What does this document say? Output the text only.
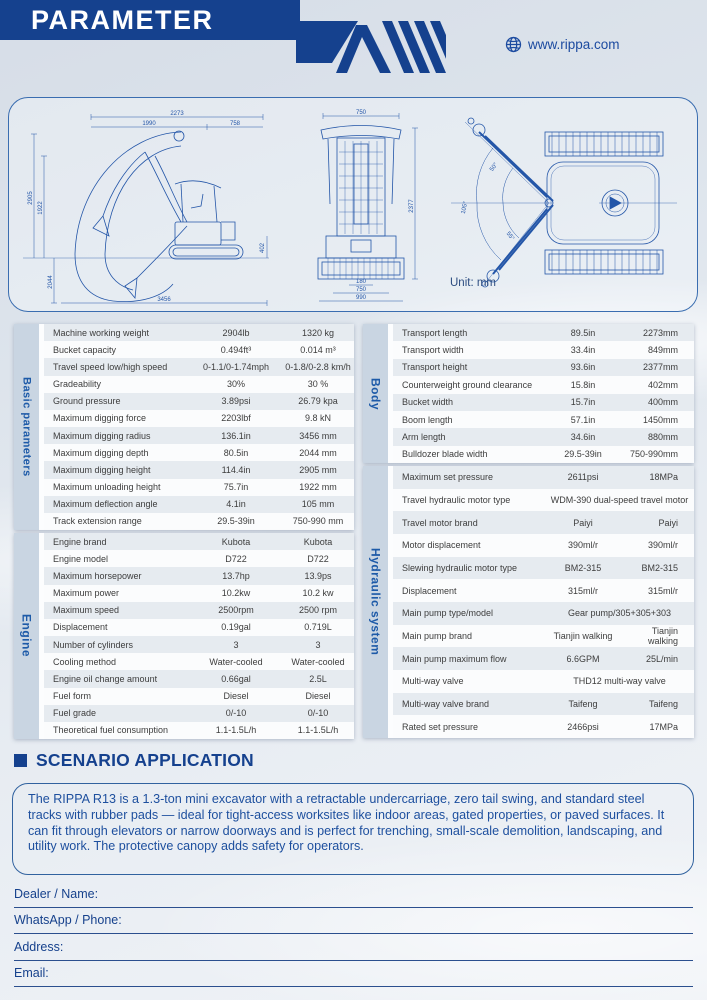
PARAMETER
www.rippa.com
2273
1990	758
2905
1922
2044
3456
402
750
2377
180
750
990
50°
105°
55°
Unit: mm
Basic parameters
Machine working weight	2904lb	1320 kg
Bucket capacity	0.494ft³	0.014 m³
Travel speed low/high speed	0-1.1/0-1.74mph	0-1.8/0-2.8 km/h
Gradeability	30%	30 %
Ground pressure	3.89psi	26.79 kpa
Maximum digging force	2203lbf	9.8 kN
Maximum digging radius	136.1in	3456 mm
Maximum digging depth	80.5in	2044 mm
Maximum digging height	114.4in	2905 mm
Maximum unloading height	75.7in	1922 mm
Maximum deflection angle	4.1in	105 mm
Track extension range	29.5-39in	750-990 mm
Engine
Engine brand	Kubota	Kubota
Engine model	D722	D722
Maximum horsepower	13.7hp	13.9ps
Maximum power	10.2kw	10.2 kw
Maximum speed	2500rpm	2500 rpm
Displacement	0.19gal	0.719L
Number of cylinders	3	3
Cooling method	Water-cooled	Water-cooled
Engine oil change amount	0.66gal	2.5L
Fuel form	Diesel	Diesel
Fuel grade	0/-10	0/-10
Theoretical fuel consumption	1.1-1.5L/h	1.1-1.5L/h
Body
Transport length	89.5in	2273mm
Transport width	33.4in	849mm
Transport height	93.6in	2377mm
Counterweight ground clearance	15.8in	402mm
Bucket width	15.7in	400mm
Boom length	57.1in	1450mm
Arm length	34.6in	880mm
Bulldozer blade width	29.5-39in	750-990mm
Hydraulic system
Maximum set pressure	2611psi	18MPa
Travel hydraulic motor type	WDM-390 dual-speed travel motor
Travel motor brand	Paiyi	Paiyi
Motor displacement	390ml/r	390ml/r
Slewing hydraulic motor type	BM2-315	BM2-315
Displacement	315ml/r	315ml/r
Main pump type/model	Gear pump/305+305+303
Main pump brand	Tianjin walking	Tianjin walking
Main pump maximum flow	6.6GPM	25L/min
Multi-way valve	THD12 multi-way valve
Multi-way valve brand	Taifeng	Taifeng
Rated set pressure	2466psi	17MPa
SCENARIO APPLICATION
The RIPPA R13 is a 1.3-ton mini excavator with a retractable undercarriage, zero tail swing, and standard steel tracks with rubber pads — ideal for tight-access worksites like indoor areas, gated properties, or paved surfaces. It can fit through elevators or narrow doorways and is perfect for trenching, small-scale demolition, landscaping, and utility work. The protective canopy adds safety for operators.
Dealer / Name:
WhatsApp / Phone:
Address:
Email:
